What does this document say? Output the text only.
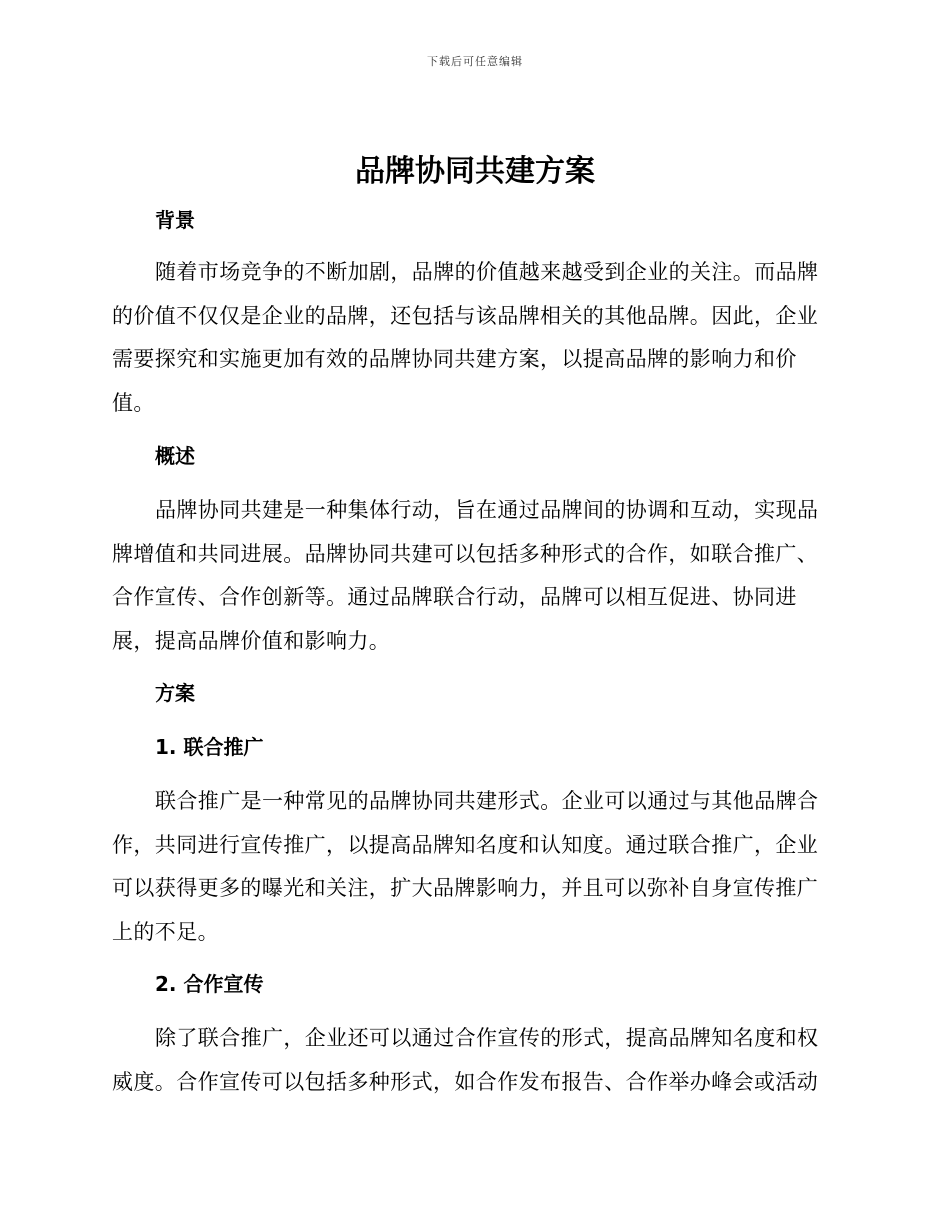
下载后可任意编辑
品牌协同共建方案
背景

随着市场竞争的不断加剧，品牌的价值越来越受到企业的关注。而品牌的价值不仅仅是企业的品牌，还包括与该品牌相关的其他品牌。因此，企业需要探究和实施更加有效的品牌协同共建方案，以提高品牌的影响力和价值。

概述

品牌协同共建是一种集体行动，旨在通过品牌间的协调和互动，实现品牌增值和共同进展。品牌协同共建可以包括多种形式的合作，如联合推广、合作宣传、合作创新等。通过品牌联合行动，品牌可以相互促进、协同进展，提高品牌价值和影响力。

方案
1. 联合推广

联合推广是一种常见的品牌协同共建形式。企业可以通过与其他品牌合作，共同进行宣传推广，以提高品牌知名度和认知度。通过联合推广，企业可以获得更多的曝光和关注，扩大品牌影响力，并且可以弥补自身宣传推广上的不足。

2. 合作宣传

除了联合推广，企业还可以通过合作宣传的形式，提高品牌知名度和权威度。合作宣传可以包括多种形式，如合作发布报告、合作举办峰会或活动
